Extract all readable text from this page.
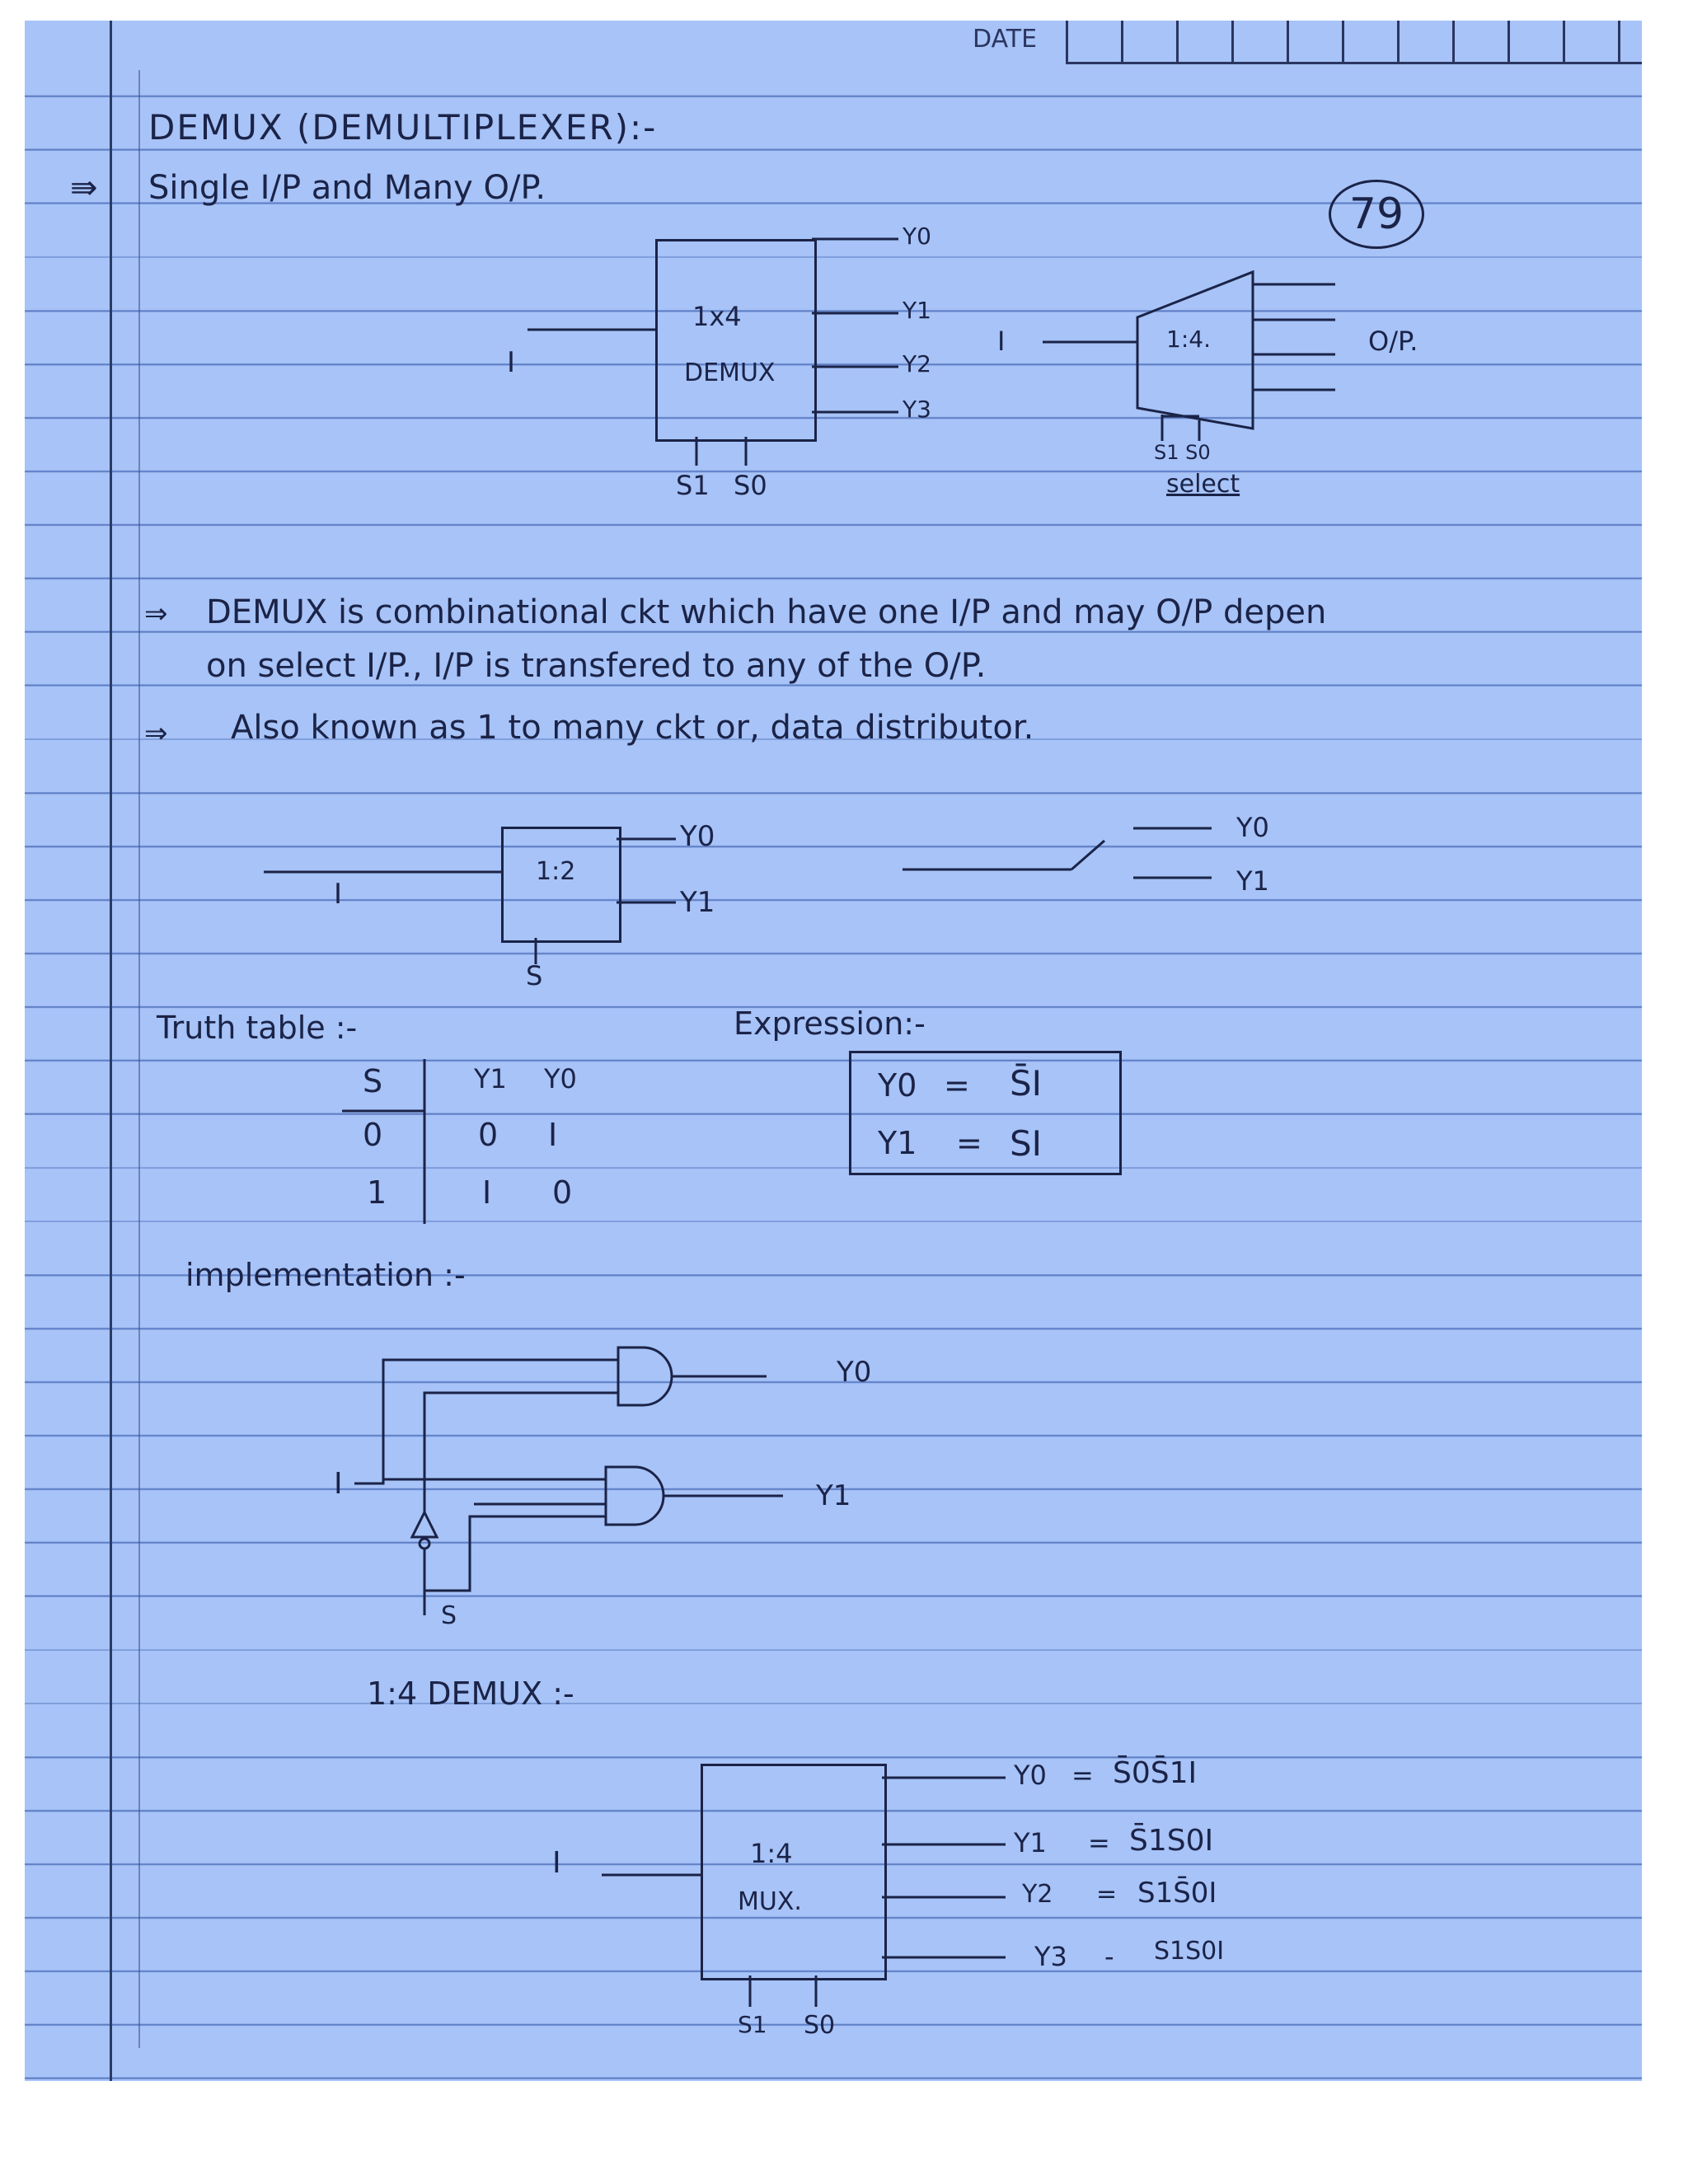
DATE
79
DEMUX (DEMULTIPLEXER):-
⇛ Single I/P and Many O/P.
1x4
DEMUX
I
Y0
Y1
Y2
Y3
S1 S0
I	1:4.	O/P.
S1 S0
select
⇒ DEMUX is combinational ckt which have one I/P and may O/P depen
on select I/P., I/P is transfered to any of the O/P.
⇒ Also known as 1 to many ckt or, data distributor.
1:2
I
Y0
Y1
S
Y0
Y1
Truth table :-
S	Y1 Y0
0	0 I
1	I 0
Expression:-
Y0 = S̄I
Y1 = SI
implementation :-
I
S
Y0
Y1
1:4 DEMUX :-
1:4
MUX.
I
S1 S0
Y0 = S̄0S̄1I
Y1 = S̄1S0I
Y2 = S1S̄0I
Y3 - S1S0I
